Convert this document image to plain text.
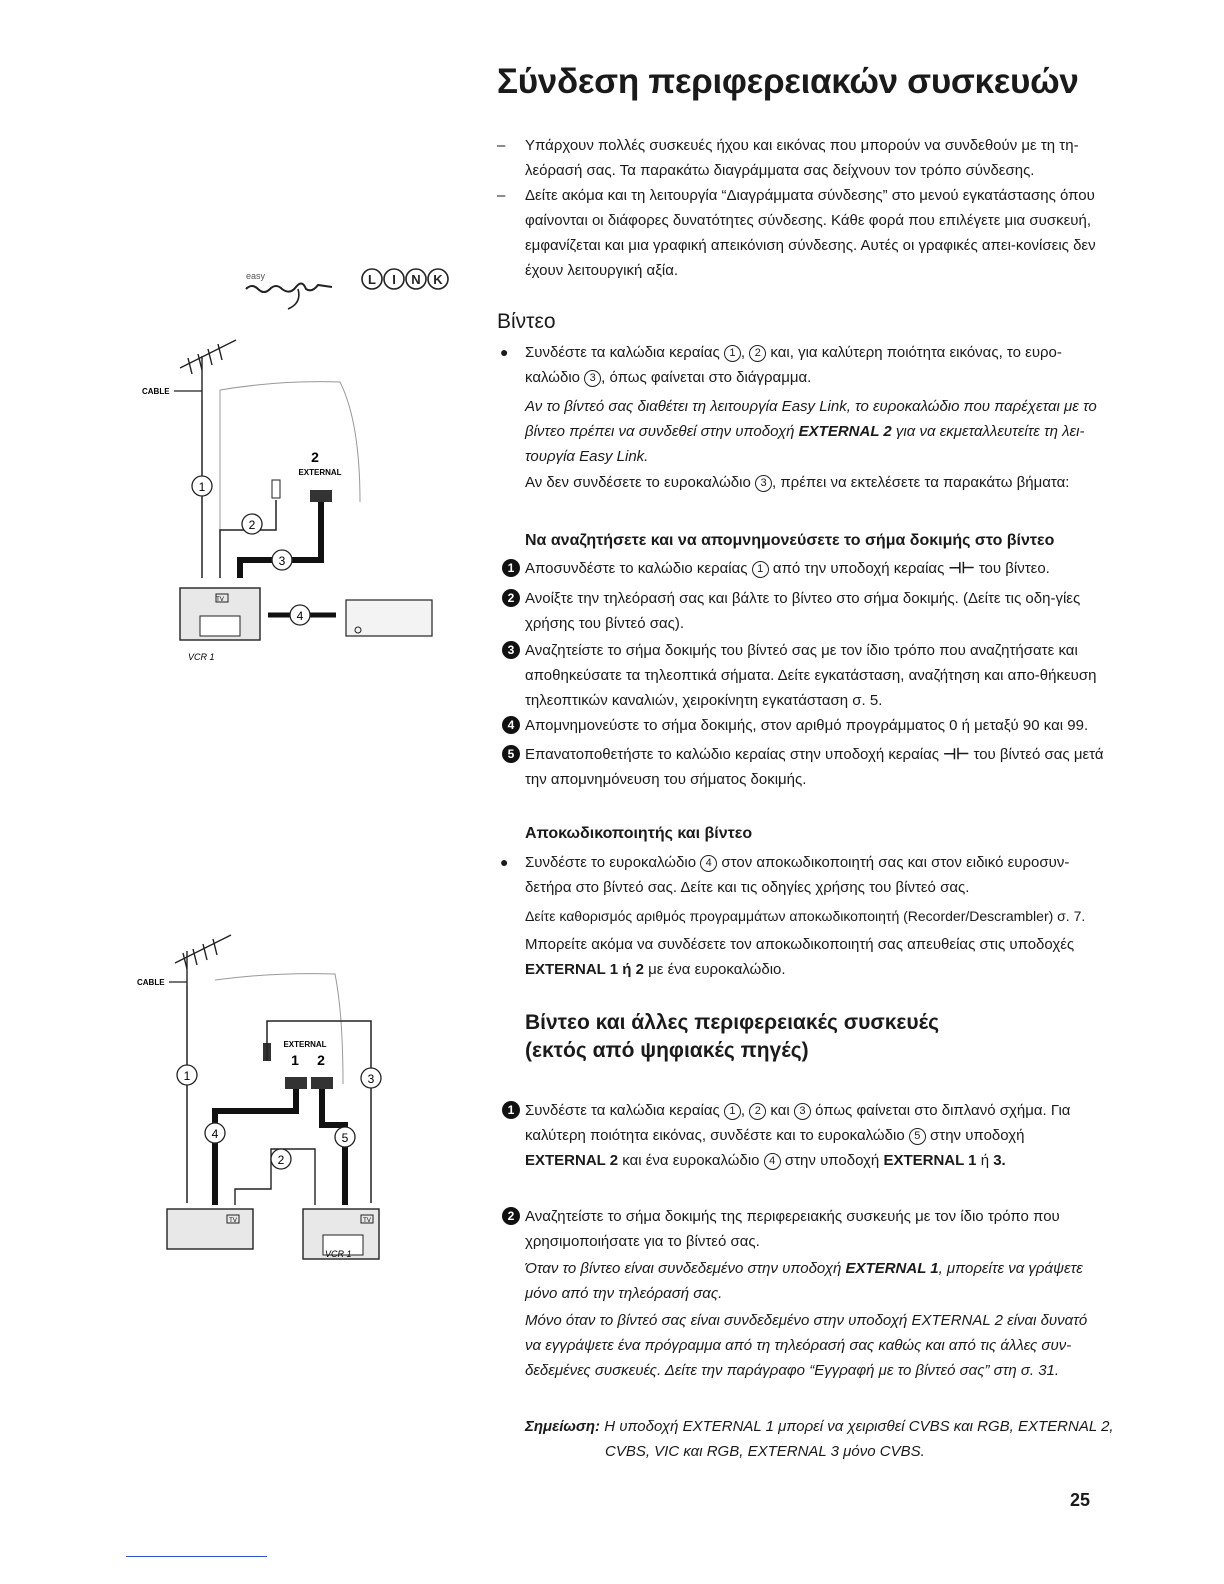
Σύνδεση περιφερειακών συσκευών
– Υπάρχουν πολλές συσκευές ήχου και εικόνας που μπορούν να συνδεθούν με τη τη-λεόρασή σας. Τα παρακάτω διαγράμματα σας δείχνουν τον τρόπο σύνδεσης.
– Δείτε ακόμα και τη λειτουργία “Διαγράμματα σύνδεσης” στο μενού εγκατάστασης όπου φαίνονται οι διάφορες δυνατότητες σύνδεσης. Κάθε φορά που επιλέγετε μια συσκευή, εμφανίζεται και μια γραφική απεικόνιση σύνδεσης. Αυτές οι γραφικές απει-κονίσεις δεν έχουν λειτουργική αξία.
easy	L I N K
CABLE
2
EXTERNAL
1
2
3
TV
VCR 1
4
Βίντεο
● Συνδέστε τα καλώδια κεραίας 1 , 2 και, για καλύτερη ποιότητα εικόνας, το ευρο-καλώδιο 3 , όπως φαίνεται στο διάγραμμα.
Αν το βίντεό σας διαθέτει τη λειτουργία Easy Link, το ευροκαλώδιο που παρέχεται με το βίντεο πρέπει να συνδεθεί στην υποδοχή EXTERNAL 2 για να εκμεταλλευτείτε τη λει-τουργία Easy Link.
Αν δεν συνδέσετε το ευροκαλώδιο 3 , πρέπει να εκτελέσετε τα παρακάτω βήματα:
Να αναζητήσετε και να απομνημονεύσετε το σήμα δοκιμής στο βίντεο
1 Αποσυνδέστε το καλώδιο κεραίας 1 από την υποδοχή κεραίας ⊣⊢ του βίντεο.
2 Ανοίξτε την τηλεόρασή σας και βάλτε το βίντεο στο σήμα δοκιμής. (Δείτε τις οδη-γίες χρήσης του βίντεό σας).
3 Αναζητείστε το σήμα δοκιμής του βίντεό σας με τον ίδιο τρόπο που αναζητήσατε και αποθηκεύσατε τα τηλεοπτικά σήματα. Δείτε εγκατάσταση, αναζήτηση και απο-θήκευση τηλεοπτικών καναλιών, χειροκίνητη εγκατάσταση σ. 5.
4 Απομνημονεύστε το σήμα δοκιμής, στον αριθμό προγράμματος 0 ή μεταξύ 90 και 99.
5 Επανατοποθετήστε το καλώδιο κεραίας στην υποδοχή κεραίας ⊣⊢ του βίντεό σας μετά την απομνημόνευση του σήματος δοκιμής.
Αποκωδικοποιητής και βίντεο
● Συνδέστε το ευροκαλώδιο 4 στον αποκωδικοποιητή σας και στον ειδικό ευροσυν-δετήρα στο βίντεό σας. Δείτε και τις οδηγίες χρήσης του βίντεό σας.
Δείτε καθορισμός αριθμός προγραμμάτων αποκωδικοποιητή (Recorder/Descrambler) σ. 7.
Μπορείτε ακόμα να συνδέσετε τον αποκωδικοποιητή σας απευθείας στις υποδοχές EXTERNAL 1 ή 2 με ένα ευροκαλώδιο.
CABLE
EXTERNAL
1 2
1	3
4	5
2
TV	TV
VCR 1
Βίντεο και άλλες περιφερειακές συσκευές
(εκτός από ψηφιακές πηγές)
1 Συνδέστε τα καλώδια κεραίας 1 , 2 και 3 όπως φαίνεται στο διπλανό σχήμα. Για καλύτερη ποιότητα εικόνας, συνδέστε και το ευροκαλώδιο 5 στην υποδοχή EXTERNAL 2 και ένα ευροκαλώδιο 4 στην υποδοχή EXTERNAL 1 ή 3.
2 Αναζητείστε το σήμα δοκιμής της περιφερειακής συσκευής με τον ίδιο τρόπο που χρησιμοποιήσατε για το βίντεό σας.
Όταν το βίντεο είναι συνδεδεμένο στην υποδοχή EXTERNAL 1, μπορείτε να γράψετε μόνο από την τηλεόρασή σας.
Μόνο όταν το βίντεό σας είναι συνδεδεμένο στην υποδοχή EXTERNAL 2 είναι δυνατό να εγγράψετε ένα πρόγραμμα από τη τηλεόρασή σας καθώς και από τις άλλες συν-δεδεμένες συσκευές. Δείτε την παράγραφο “Εγγραφή με το βίντεό σας” στη σ. 31.
Σημείωση: Η υποδοχή EXTERNAL 1 μπορεί να χειρισθεί CVBS και RGB, EXTERNAL 2,
CVBS, VIC και RGB, EXTERNAL 3 μόνο CVBS.
25
